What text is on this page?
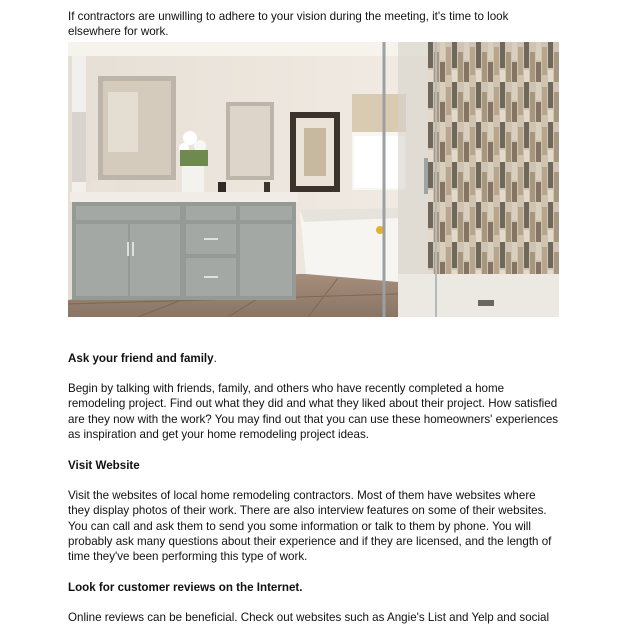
If contractors are unwilling to adhere to your vision during the meeting, it's time to look elsewhere for work.

Ask your friend and family.

Begin by talking with friends, family, and others who have recently completed a home remodeling project. Find out what they did and what they liked about their project. How satisfied are they now with the work? You may find out that you can use these homeowners' experiences as inspiration and get your home remodeling project ideas.

Visit Website

Visit the websites of local home remodeling contractors. Most of them have websites where they display photos of their work. There are also interview features on some of their websites. You can call and ask them to send you some information or talk to them by phone. You will probably ask many questions about their experience and if they are licensed, and the length of time they've been performing this type of work.

Look for customer reviews on the Internet.

Online reviews can be beneficial. Check out websites such as Angie's List and Yelp and social
